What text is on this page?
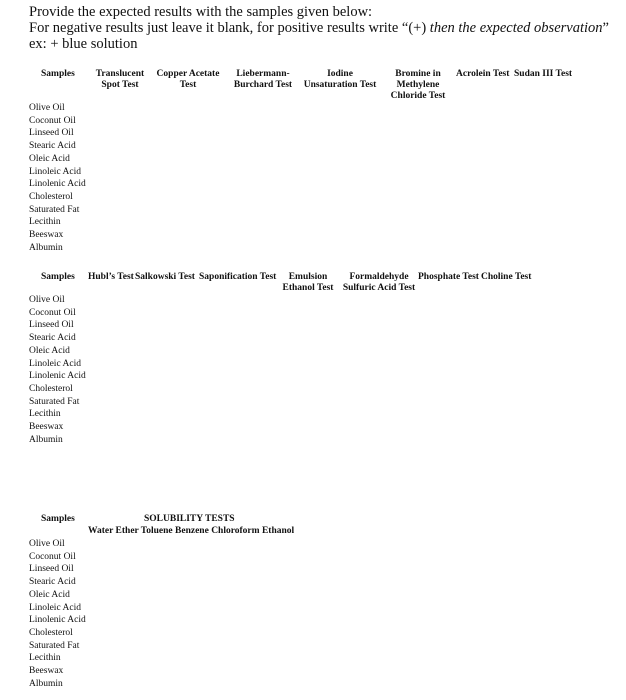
Provide the expected results with the samples given below:
For negative results just leave it blank, for positive results write “(+) then the expected observation”
ex: + blue solution
Samples Translucent
Spot Test
Copper Acetate
Test
Liebermann-
Burchard Test
Iodine
Unsaturation Test
Bromine in
Methylene
Chloride Test
Acrolein Test Sudan III Test
Olive Oil
Coconut Oil
Linseed Oil
Stearic Acid
Oleic Acid
Linoleic Acid
Linolenic Acid
Cholesterol
Saturated Fat
Lecithin
Beeswax
Albumin
Samples Hubl’s Test Salkowski Test Saponification Test	Emulsion
Ethanol Test
Formaldehyde
Sulfuric Acid Test
Phosphate Test Choline Test
Olive Oil
Coconut Oil
Linseed Oil
Stearic Acid
Oleic Acid
Linoleic Acid
Linolenic Acid
Cholesterol
Saturated Fat
Lecithin
Beeswax
Albumin
Samples	SOLUBILITY TESTS
Water Ether Toluene Benzene Chloroform Ethanol
Olive Oil
Coconut Oil
Linseed Oil
Stearic Acid
Oleic Acid
Linoleic Acid
Linolenic Acid
Cholesterol
Saturated Fat
Lecithin
Beeswax
Albumin
